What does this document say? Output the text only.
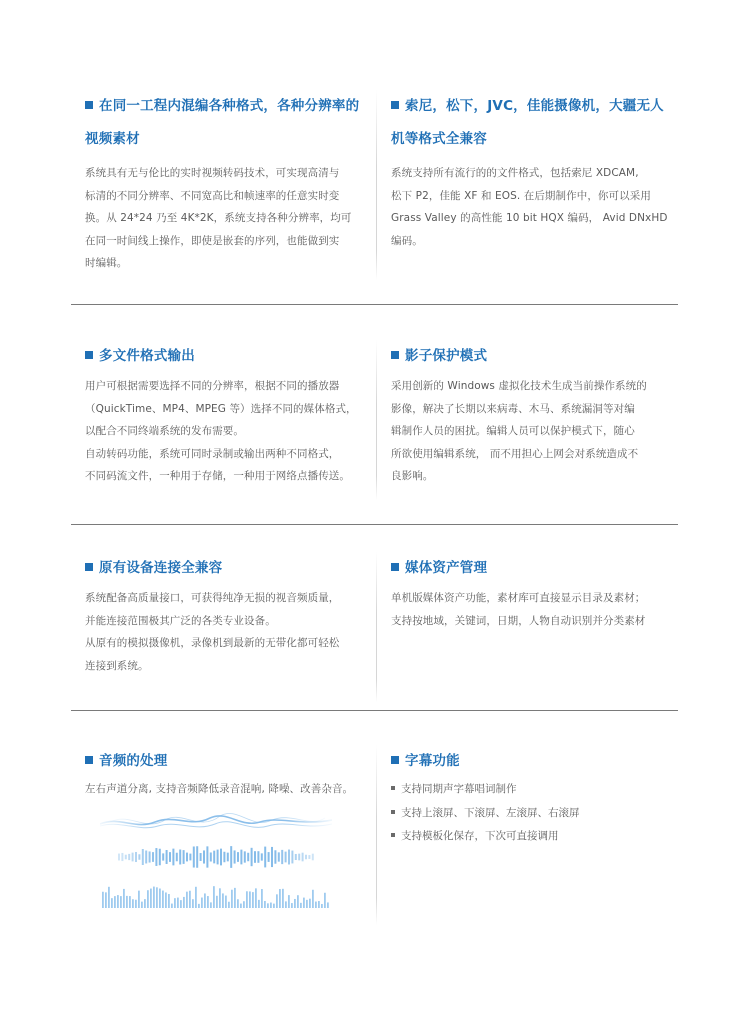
在同一工程内混编各种格式，各种分辨率的视频素材

系统具有无与伦比的实时视频转码技术，可实现高清与
标清的不同分辨率、不同宽高比和帧速率的任意实时变
换。从 24*24 乃至 4K*2K，系统支持各种分辨率，均可
在同一时间线上操作，即使是嵌套的序列，也能做到实
时编辑。

索尼，松下，JVC，佳能摄像机，大疆无人机等格式全兼容

系统支持所有流行的的文件格式，包括索尼 XDCAM,
松下 P2，佳能 XF 和 EOS. 在后期制作中，你可以采用
Grass Valley 的高性能 10 bit HQX 编码， Avid DNxHD
编码。

多文件格式输出

用户可根据需要选择不同的分辨率，根据不同的播放器
（QuickTime、MP4、MPEG 等）选择不同的媒体格式，
以配合不同终端系统的发布需要。
自动转码功能，系统可同时录制或输出两种不同格式，
不同码流文件，一种用于存储，一种用于网络点播传送。

影子保护模式

采用创新的 Windows 虚拟化技术生成当前操作系统的
影像，解决了长期以来病毒、木马、系统漏洞等对编
辑制作人员的困扰。编辑人员可以保护模式下，随心
所欲使用编辑系统， 而不用担心上网会对系统造成不
良影响。

原有设备连接全兼容

系统配备高质量接口，可获得纯净无损的视音频质量，
并能连接范围极其广泛的各类专业设备。
从原有的模拟摄像机，录像机到最新的无带化都可轻松
连接到系统。

媒体资产管理

单机版媒体资产功能，素材库可直接显示目录及素材；
支持按地域，关键词，日期，人物自动识别并分类素材

音频的处理

左右声道分离, 支持音频降低录音混响, 降噪、改善杂音。

字幕功能
支持同期声字幕唱词制作
支持上滚屏、下滚屏、左滚屏、右滚屏
支持模板化保存，下次可直接调用
